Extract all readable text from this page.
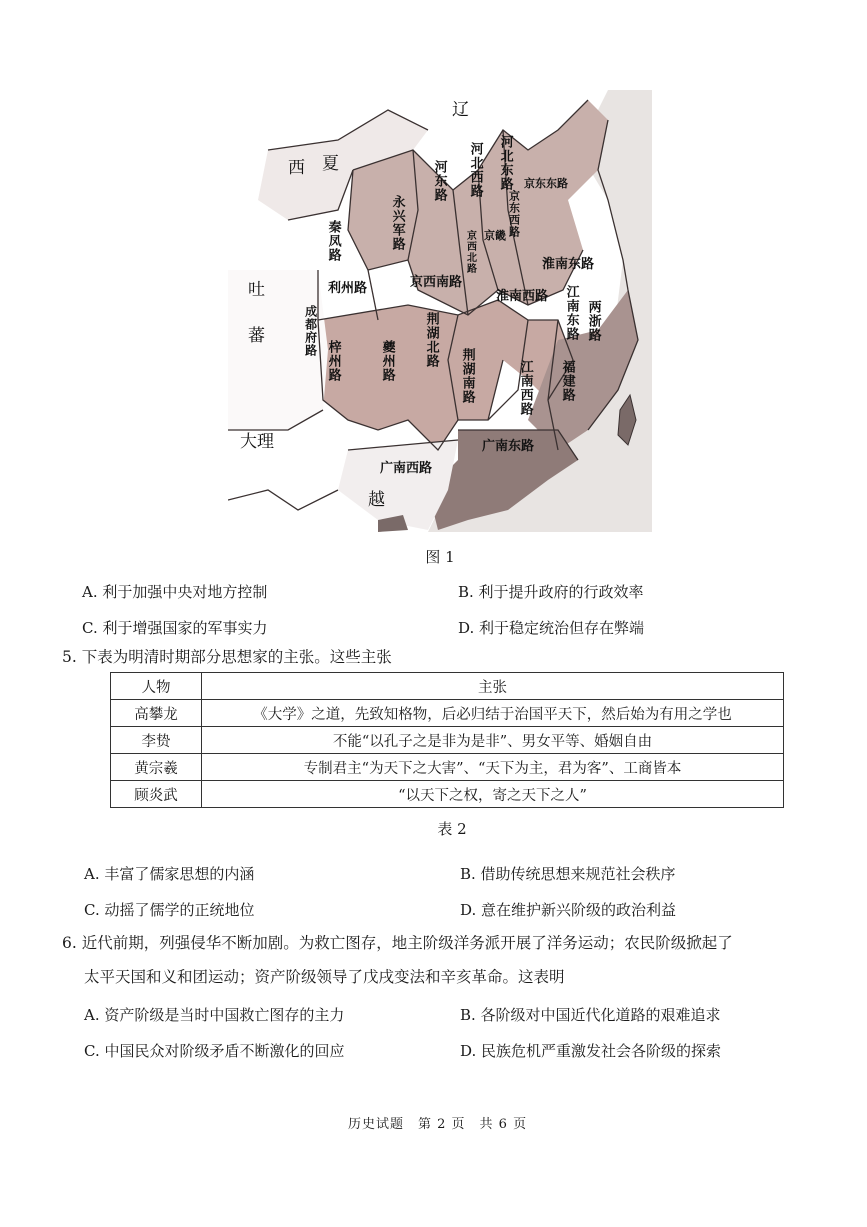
辽
西 夏	河东路 河北西路 河北东路 京东东路
京东西路
永兴军路
秦凤路	京畿
京西北路
利州路	京西南路
淮南东路
淮南西路 江南东路 两浙路
成都府路
梓州路	夔州路 荆湖北路
荆湖南路	江南西路 福建路
广南东路
广南西路
吐
蕃
大理
越
图 1
A. 利于加强中央对地方控制	B. 利于提升政府的行政效率
C. 利于增强国家的军事实力	D. 利于稳定统治但存在弊端
5. 下表为明清时期部分思想家的主张。这些主张
人物	主张
高攀龙	《大学》之道，先致知格物，后必归结于治国平天下，然后始为有用之学也
李贽	不能“以孔子之是非为是非”、男女平等、婚姻自由
黄宗羲	专制君主“为天下之大害”、“天下为主，君为客”、工商皆本
顾炎武	“以天下之权，寄之天下之人”
表 2
A. 丰富了儒家思想的内涵	B. 借助传统思想来规范社会秩序
C. 动摇了儒学的正统地位	D. 意在维护新兴阶级的政治利益
6. 近代前期，列强侵华不断加剧。为救亡图存，地主阶级洋务派开展了洋务运动；农民阶级掀起了
太平天国和义和团运动；资产阶级领导了戊戌变法和辛亥革命。这表明
A. 资产阶级是当时中国救亡图存的主力	B. 各阶级对中国近代化道路的艰难追求
C. 中国民众对阶级矛盾不断激化的回应	D. 民族危机严重激发社会各阶级的探索
历史试题　第 2 页　共 6 页
